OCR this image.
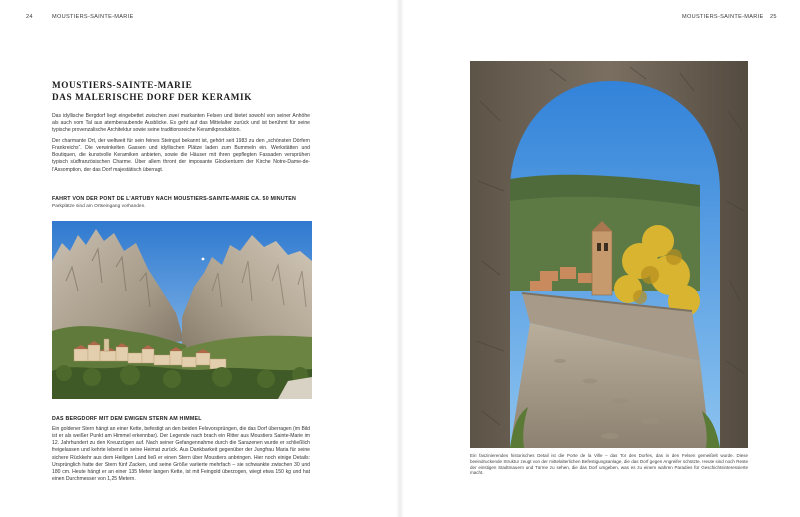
24	MOUSTIERS-SAINTE-MARIE
MOUSTIERS-SAINTE-MARIE
DAS MALERISCHE DORF DER KERAMIK

Das idyllische Bergdorf liegt eingebettet zwischen zwei markanten Felsen und bietet sowohl von seiner Anhöhe als auch vom Tal aus atemberaubende Ausblicke. Es geht auf das Mittelalter zurück und ist berühmt für seine typische provenzalische Architektur sowie seine traditionsreiche Keramikproduktion.

Der charmante Ort, der weltweit für sein feines Steingut bekannt ist, gehört seit 1983 zu den „schönsten Dörfern Frankreichs“. Die verwinkelten Gassen und idyllischen Plätze laden zum Bummeln ein. Werkstätten und Boutiquen, die kunstvolle Keramiken anbieten, sowie die Häuser mit ihren gepflegten Fassaden versprühen typisch südfranzösischen Charme. Über allem thront der imposante Glockenturm der Kirche Notre-Dame-de-l’Assomption, der das Dorf majestätisch überragt.

FAHRT VON DER PONT DE L’ARTUBY NACH MOUSTIERS-SAINTE-MARIE CA. 50 MINUTEN

Parkplätze sind am Ortseingang vorhanden.

DAS BERGDORF MIT DEM EWIGEN STERN AM HIMMEL

Ein goldener Stern hängt an einer Kette, befestigt an den beiden Felsvorsprüngen, die das Dorf überragen (im Bild ist er als weißer Punkt am Himmel erkennbar). Der Legende nach brach ein Ritter aus Moustiers Sainte-Marie im 12. Jahrhundert zu den Kreuzzügen auf. Nach seiner Gefangennahme durch die Sarazenen wurde er schließlich freigelassen und kehrte lebend in seine Heimat zurück. Aus Dankbarkeit gegenüber der Jungfrau Maria für seine sichere Rückkehr aus dem Heiligen Land ließ er einen Stern über Moustiers anbringen. Hier noch einige Details: Ursprünglich hatte der Stern fünf Zacken, und seine Größe variierte mehrfach – sie schwankte zwischen 30 und 180 cm. Heute hängt er an einer 135 Meter langen Kette, ist mit Feingold überzogen, wiegt etwa 150 kg und hat einen Durchmesser von 1,25 Metern.

MOUSTIERS-SAINTE-MARIE 25

Ein faszinierendes historisches Detail ist die Porte de la Ville – das Tor des Dorfes, das in den Felsen gemeißelt wurde. Diese beeindruckende Struktur zeugt von der mittelalterlichen Befestigungsanlage, die das Dorf gegen Angreifer schützte. Heute sind noch Reste der einstigen Stadtmauern und Türme zu sehen, die das Dorf umgeben, was es zu einem wahren Paradies für Geschichtsinteressierte macht.
